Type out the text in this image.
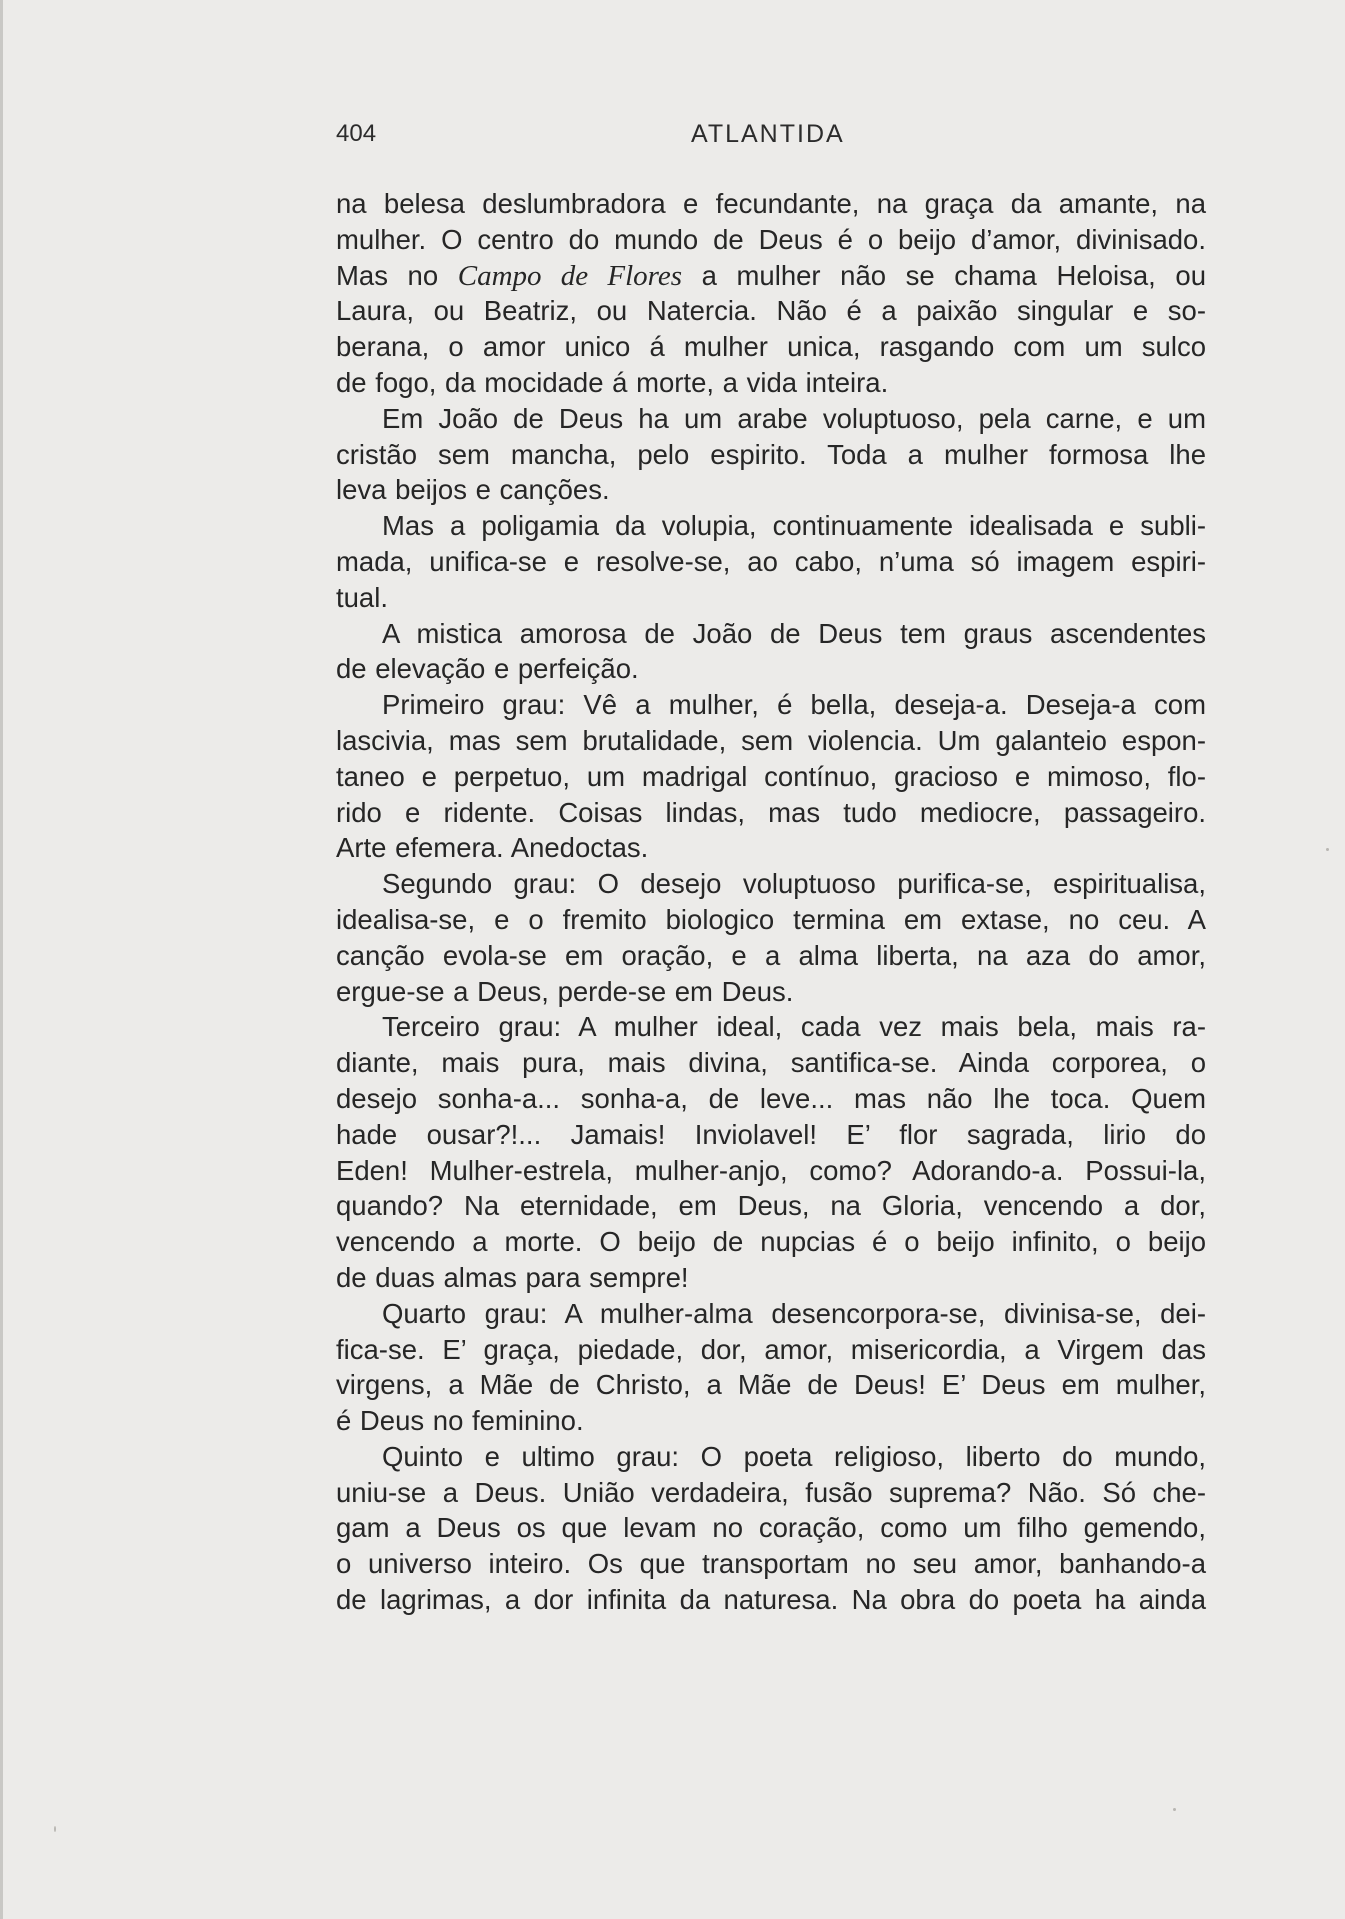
404	ATLANTIDA
na belesa deslumbradora e fecundante, na graça da amante, na
mulher. O centro do mundo de Deus é o beijo d’amor, divinisado.
Mas no Campo de Flores a mulher não se chama Heloisa, ou
Laura, ou Beatriz, ou Natercia. Não é a paixão singular e so-
berana, o amor unico á mulher unica, rasgando com um sulco
de fogo, da mocidade á morte, a vida inteira.
Em João de Deus ha um arabe voluptuoso, pela carne, e um
cristão sem mancha, pelo espirito. Toda a mulher formosa lhe
leva beijos e canções.
Mas a poligamia da volupia, continuamente idealisada e subli-
mada, unifica-se e resolve-se, ao cabo, n’uma só imagem espiri-
tual.
A mistica amorosa de João de Deus tem graus ascendentes
de elevação e perfeição.
Primeiro grau: Vê a mulher, é bella, deseja-a. Deseja-a com
lascivia, mas sem brutalidade, sem violencia. Um galanteio espon-
taneo e perpetuo, um madrigal contínuo, gracioso e mimoso, flo-
rido e ridente. Coisas lindas, mas tudo mediocre, passageiro.
Arte efemera. Anedoctas.
Segundo grau: O desejo voluptuoso purifica-se, espiritualisa,
idealisa-se, e o fremito biologico termina em extase, no ceu. A
canção evola-se em oração, e a alma liberta, na aza do amor,
ergue-se a Deus, perde-se em Deus.
Terceiro grau: A mulher ideal, cada vez mais bela, mais ra-
diante, mais pura, mais divina, santifica-se. Ainda corporea, o
desejo sonha-a... sonha-a, de leve... mas não lhe toca. Quem
hade ousar?!... Jamais! Inviolavel! E’ flor sagrada, lirio do
Eden! Mulher-estrela, mulher-anjo, como? Adorando-a. Possui-la,
quando? Na eternidade, em Deus, na Gloria, vencendo a dor,
vencendo a morte. O beijo de nupcias é o beijo infinito, o beijo
de duas almas para sempre!
Quarto grau: A mulher-alma desencorpora-se, divinisa-se, dei-
fica-se. E’ graça, piedade, dor, amor, misericordia, a Virgem das
virgens, a Mãe de Christo, a Mãe de Deus! E’ Deus em mulher,
é Deus no feminino.
Quinto e ultimo grau: O poeta religioso, liberto do mundo,
uniu-se a Deus. União verdadeira, fusão suprema? Não. Só che-
gam a Deus os que levam no coração, como um filho gemendo,
o universo inteiro. Os que transportam no seu amor, banhando-a
de lagrimas, a dor infinita da naturesa. Na obra do poeta ha ainda
